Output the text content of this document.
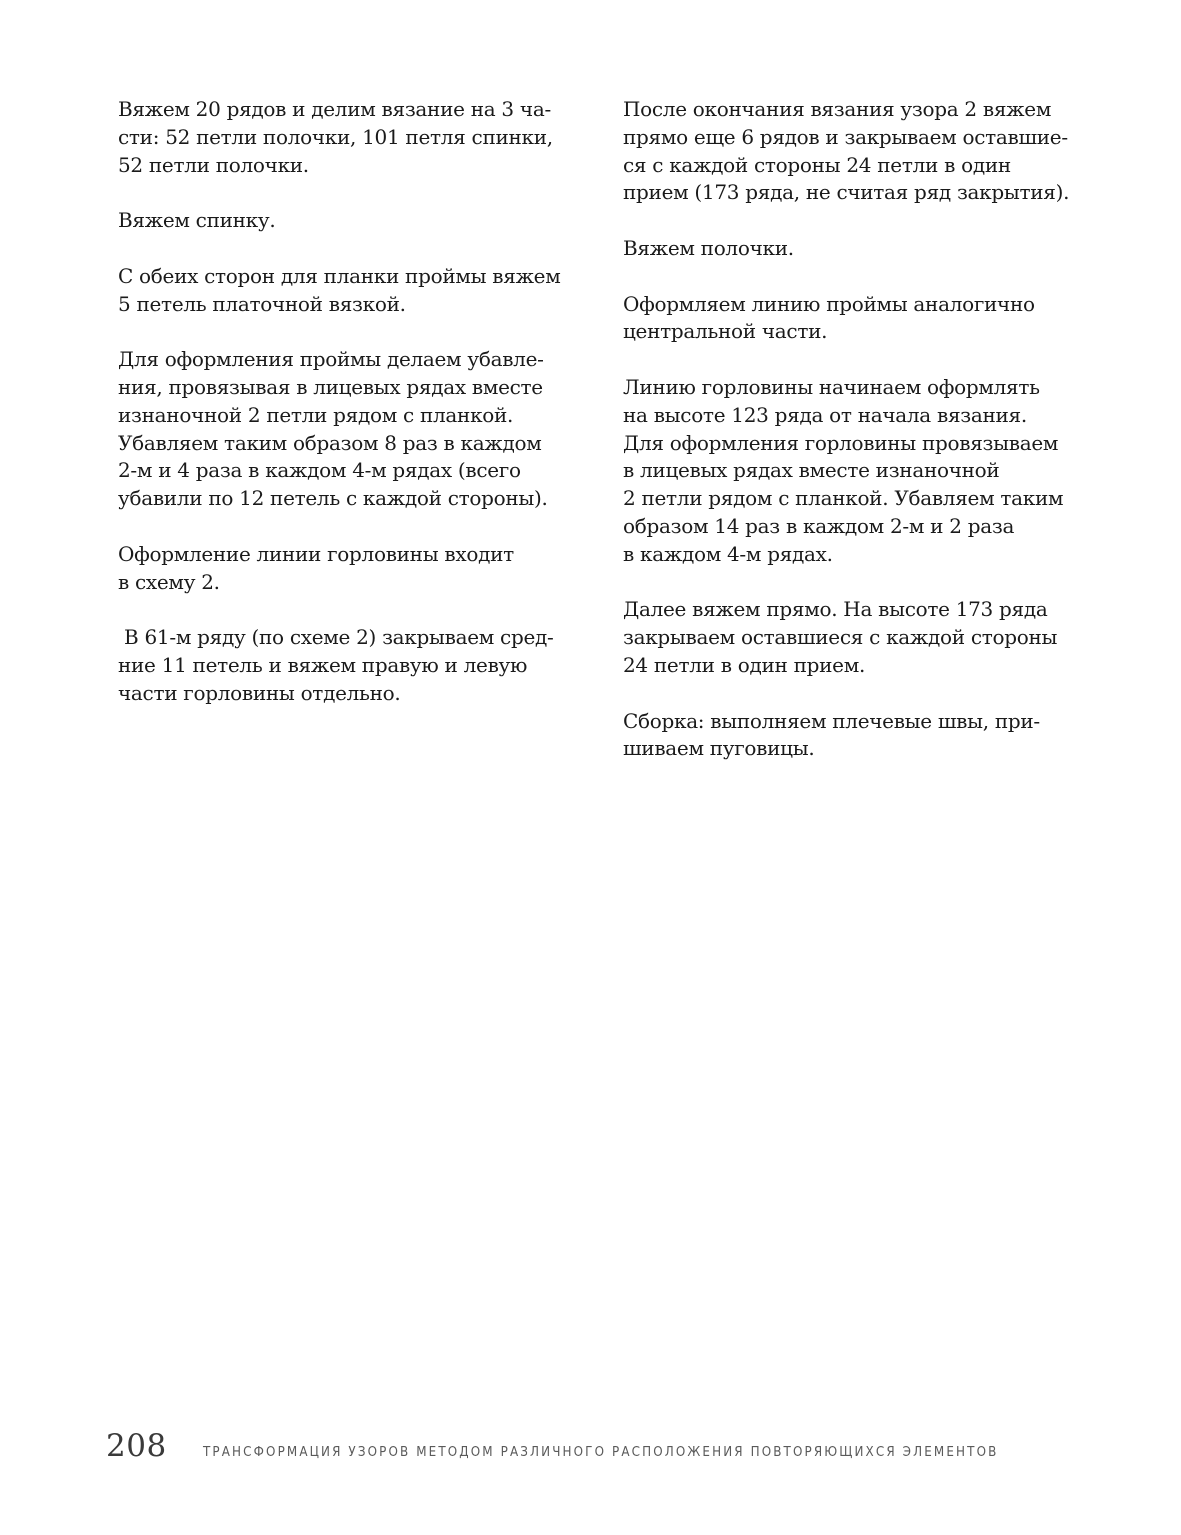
Вяжем 20 рядов и делим вязание на 3 ча-
сти: 52 петли полочки, 101 петля спинки,
52 петли полочки.

Вяжем спинку.

С обеих сторон для планки проймы вяжем
5 петель платочной вязкой.

Для оформления проймы делаем убавле-
ния, провязывая в лицевых рядах вместе
изнаночной 2 петли рядом с планкой.
Убавляем таким образом 8 раз в каждом
2-м и 4 раза в каждом 4-м рядах (всего
убавили по 12 петель с каждой стороны).

Оформление линии горловины входит
в схему 2.

В 61-м ряду (по схеме 2) закрываем сред-
ние 11 петель и вяжем правую и левую
части горловины отдельно.

После окончания вязания узора 2 вяжем
прямо еще 6 рядов и закрываем оставшие-
ся с каждой стороны 24 петли в один
прием (173 ряда, не считая ряд закрытия).

Вяжем полочки.

Оформляем линию проймы аналогично
центральной части.

Линию горловины начинаем оформлять
на высоте 123 ряда от начала вязания.
Для оформления горловины провязываем
в лицевых рядах вместе изнаночной
2 петли рядом с планкой. Убавляем таким
образом 14 раз в каждом 2-м и 2 раза
в каждом 4-м рядах.

Далее вяжем прямо. На высоте 173 ряда
закрываем оставшиеся с каждой стороны
24 петли в один прием.

Сборка: выполняем плечевые швы, при-
шиваем пуговицы.

208	ТРАНСФОРМАЦИЯ УЗОРОВ МЕТОДОМ РАЗЛИЧНОГО РАСПОЛОЖЕНИЯ ПОВТОРЯЮЩИХСЯ ЭЛЕМЕНТОВ
